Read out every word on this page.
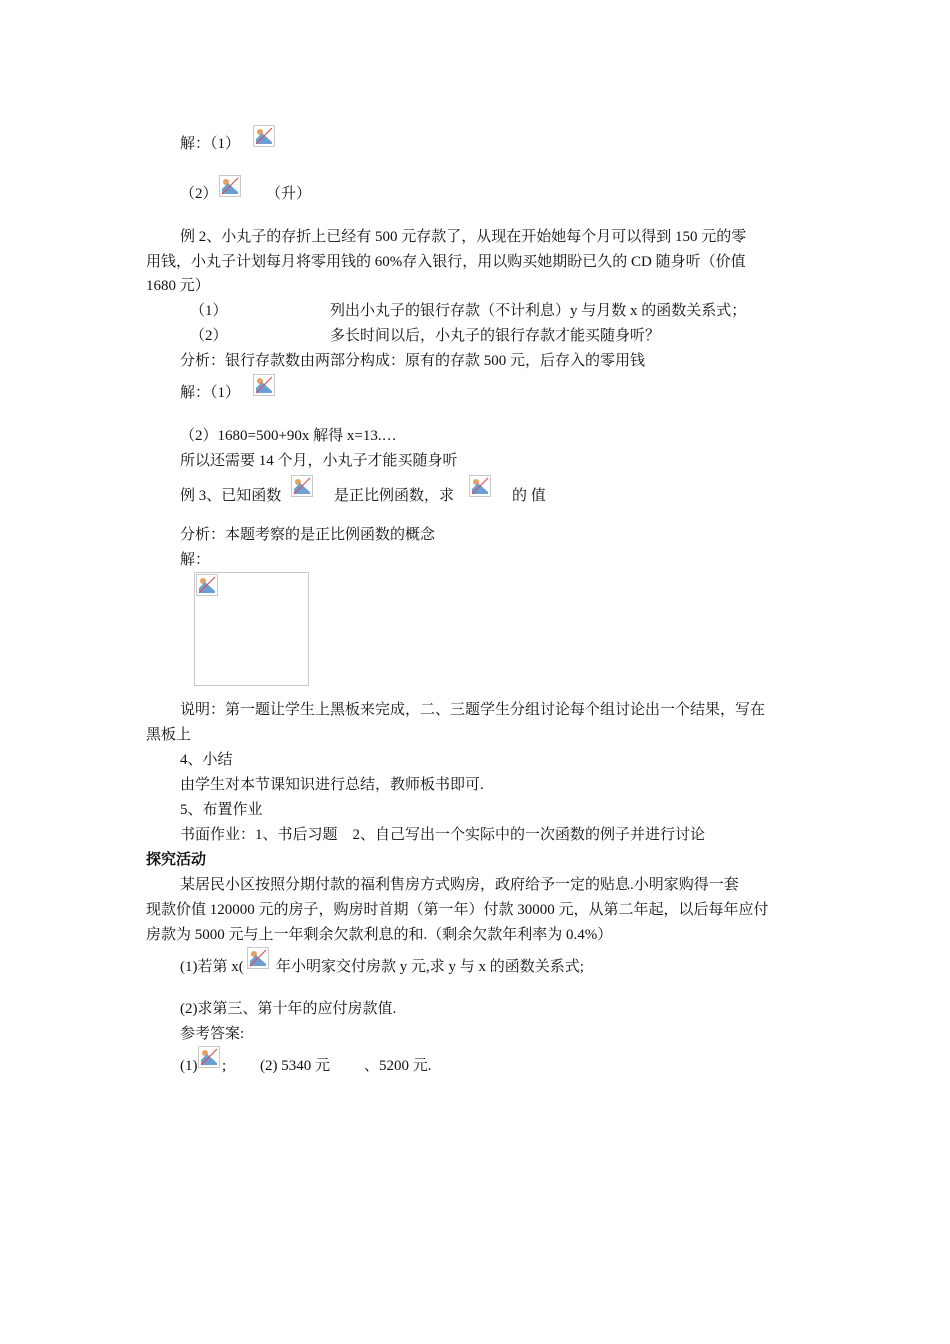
解：（1）
（2）	（升）
例 2、小丸子的存折上已经有 500 元存款了，从现在开始她每个月可以得到 150 元的零
用钱，小丸子计划每月将零用钱的 60%存入银行，用以购买她期盼已久的 CD 随身听（价值
1680 元）
（1）	列出小丸子的银行存款（不计利息）y 与月数 x 的函数关系式；
（2）	多长时间以后，小丸子的银行存款才能买随身听？
分析：银行存款数由两部分构成：原有的存款 500 元，后存入的零用钱
解：（1）
（2）1680=500+90x 解得 x=13.…
所以还需要 14 个月，小丸子才能买随身听
例 3、已知函数	是正比例函数，求	的 值
分析：本题考察的是正比例函数的概念
解：
说明：第一题让学生上黑板来完成，二、三题学生分组讨论每个组讨论出一个结果，写在
黑板上
4、小结
由学生对本节课知识进行总结，教师板书即可.
5、布置作业
书面作业：1、书后习题　2、自己写出一个实际中的一次函数的例子并进行讨论
探究活动
某居民小区按照分期付款的福利售房方式购房，政府给予一定的贴息.小明家购得一套
现款价值 120000 元的房子，购房时首期（第一年）付款 30000 元，从第二年起，以后每年应付
房款为 5000 元与上一年剩余欠款利息的和.（剩余欠款年利率为 0.4%）
(1)若第 x( 年小明家交付房款 y 元,求 y 与 x 的函数关系式;
(2)求第三、第十年的应付房款值.
参考答案:
(1) ; (2) 5340 元 、5200 元.
